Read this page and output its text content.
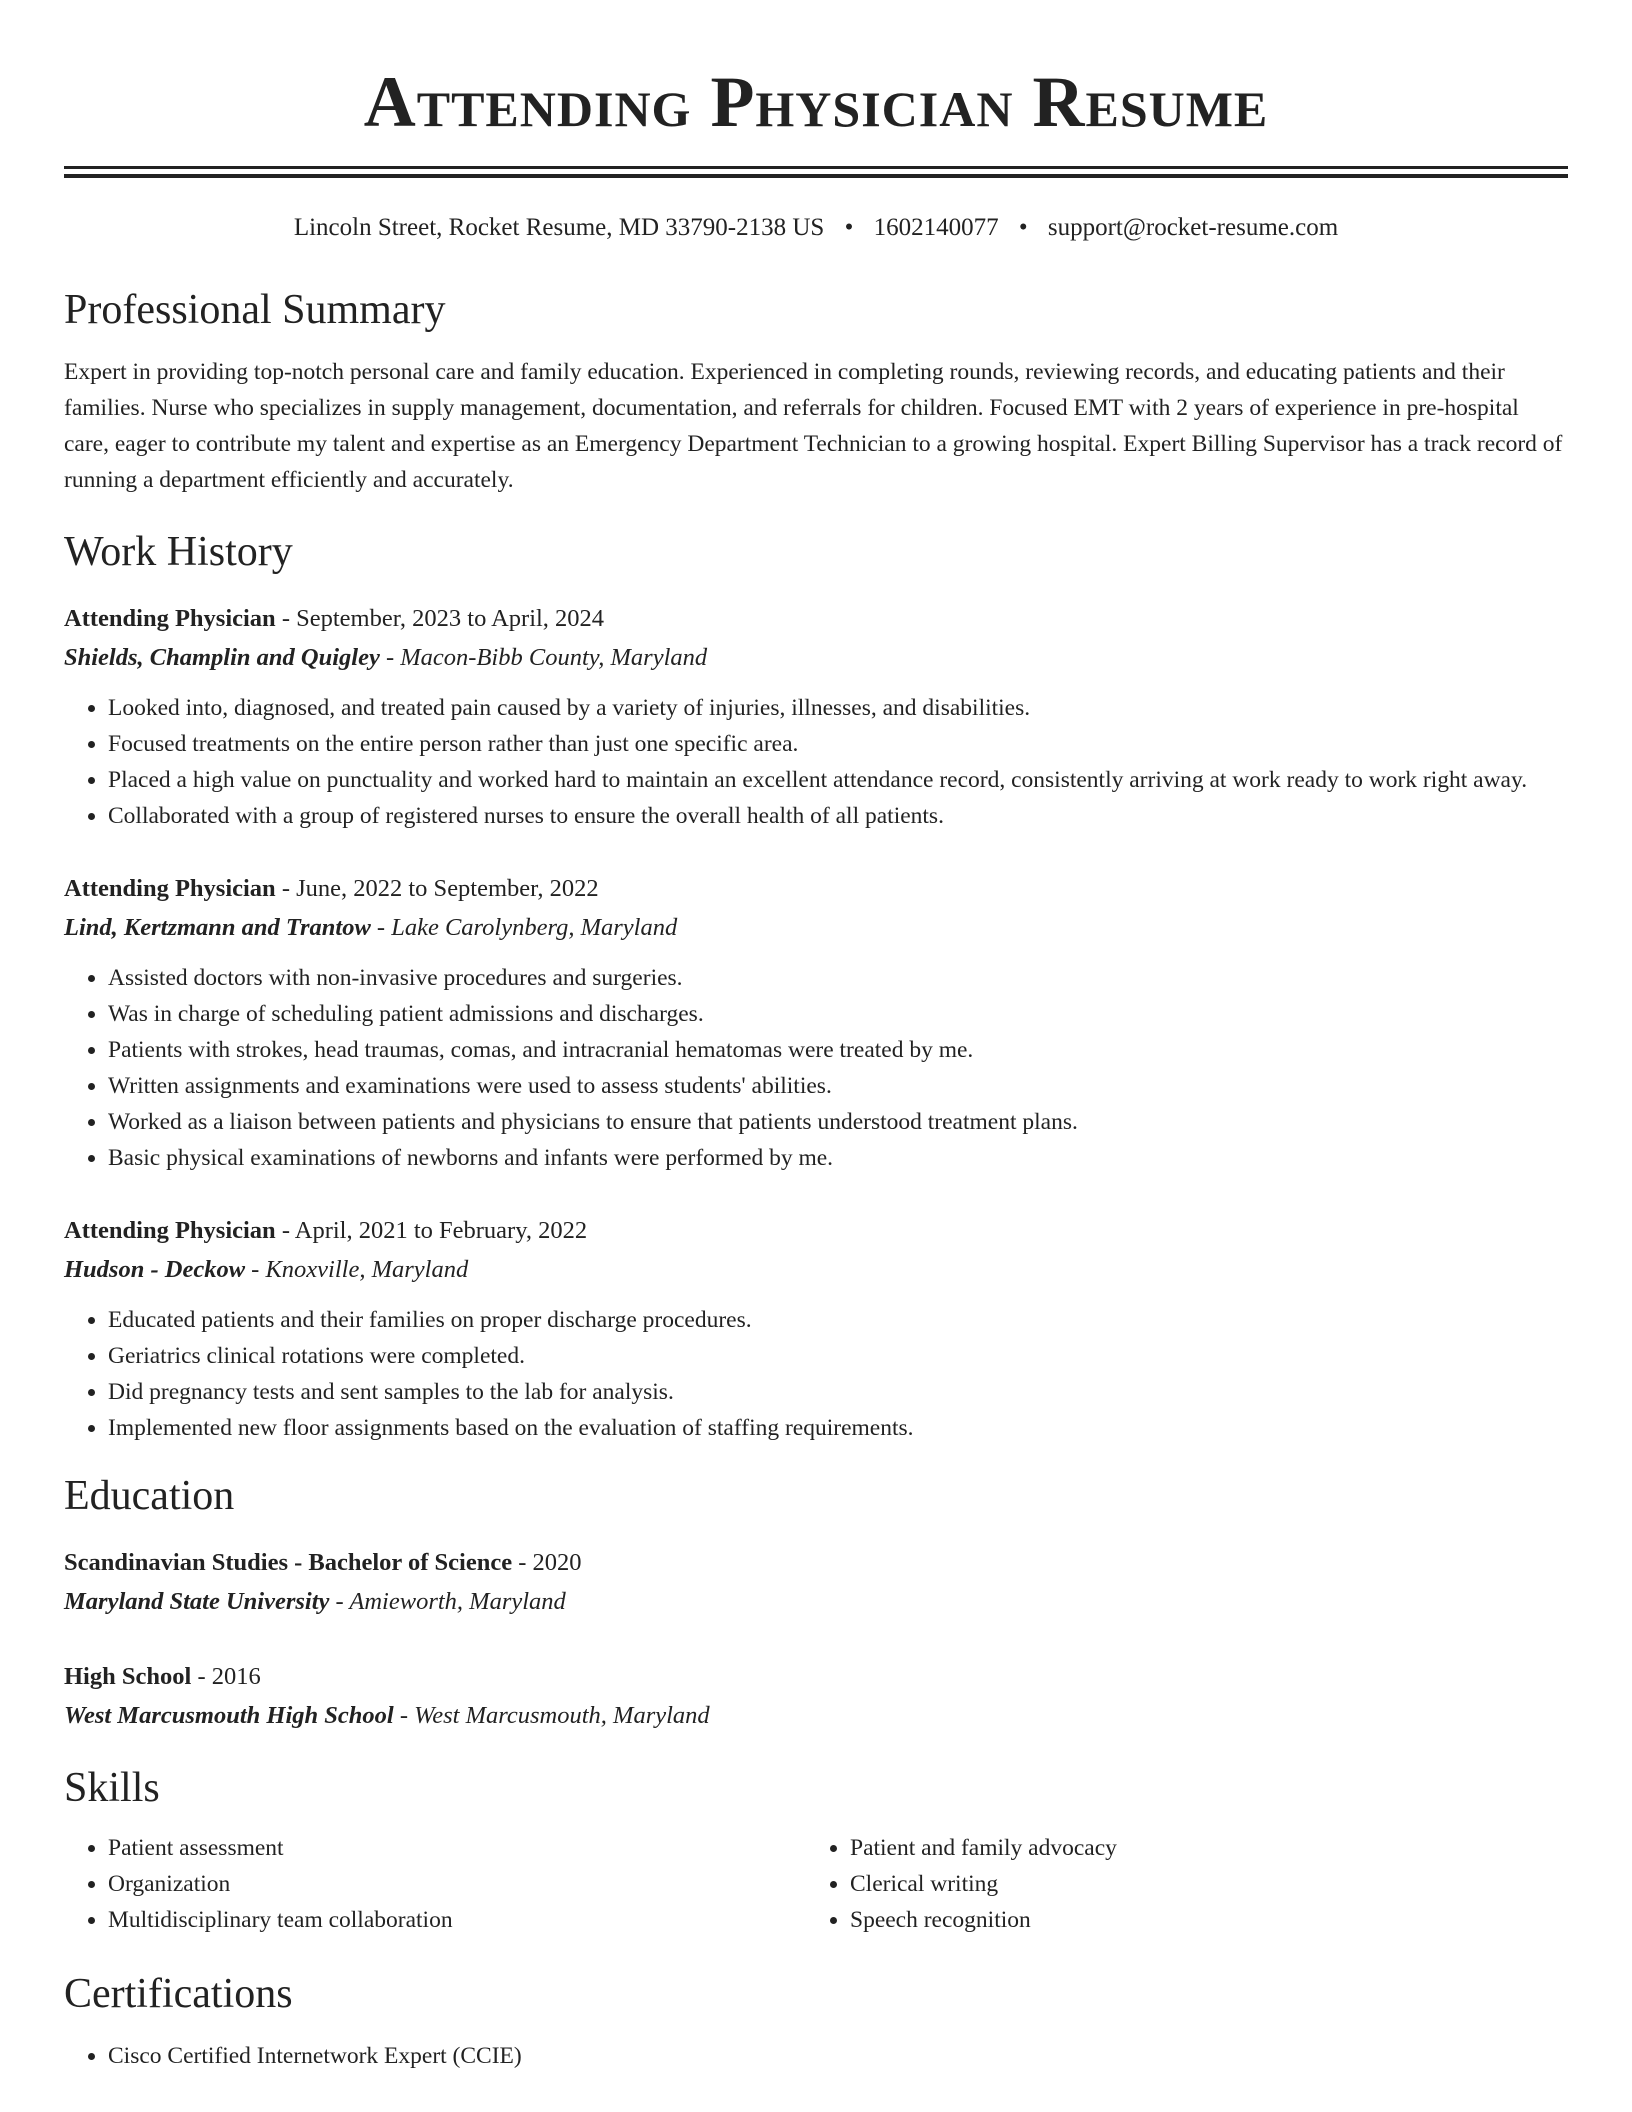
Attending Physician Resume
Lincoln Street, Rocket Resume, MD 33790-2138 US • 1602140077 • support@rocket-resume.com
Professional Summary

Expert in providing top-notch personal care and family education. Experienced in completing rounds, reviewing records, and educating patients and their families. Nurse who specializes in supply management, documentation, and referrals for children. Focused EMT with 2 years of experience in pre-hospital care, eager to contribute my talent and expertise as an Emergency Department Technician to a growing hospital. Expert Billing Supervisor has a track record of running a department efficiently and accurately.

Work History
Attending Physician - September, 2023 to April, 2024
Shields, Champlin and Quigley - Macon-Bibb County, Maryland
• Looked into, diagnosed, and treated pain caused by a variety of injuries, illnesses, and disabilities.
• Focused treatments on the entire person rather than just one specific area.
• Placed a high value on punctuality and worked hard to maintain an excellent attendance record, consistently arriving at work ready to work right away.
• Collaborated with a group of registered nurses to ensure the overall health of all patients.
Attending Physician - June, 2022 to September, 2022
Lind, Kertzmann and Trantow - Lake Carolynberg, Maryland
• Assisted doctors with non-invasive procedures and surgeries.
• Was in charge of scheduling patient admissions and discharges.
• Patients with strokes, head traumas, comas, and intracranial hematomas were treated by me.
• Written assignments and examinations were used to assess students' abilities.
• Worked as a liaison between patients and physicians to ensure that patients understood treatment plans.
• Basic physical examinations of newborns and infants were performed by me.
Attending Physician - April, 2021 to February, 2022
Hudson - Deckow - Knoxville, Maryland
• Educated patients and their families on proper discharge procedures.
• Geriatrics clinical rotations were completed.
• Did pregnancy tests and sent samples to the lab for analysis.
• Implemented new floor assignments based on the evaluation of staffing requirements.
Education
Scandinavian Studies - Bachelor of Science - 2020
Maryland State University - Amieworth, Maryland
High School - 2016
West Marcusmouth High School - West Marcusmouth, Maryland
Skills
• Patient assessment
• Organization
• Multidisciplinary team collaboration
• Patient and family advocacy
• Clerical writing
• Speech recognition
Certifications
• Cisco Certified Internetwork Expert (CCIE)
